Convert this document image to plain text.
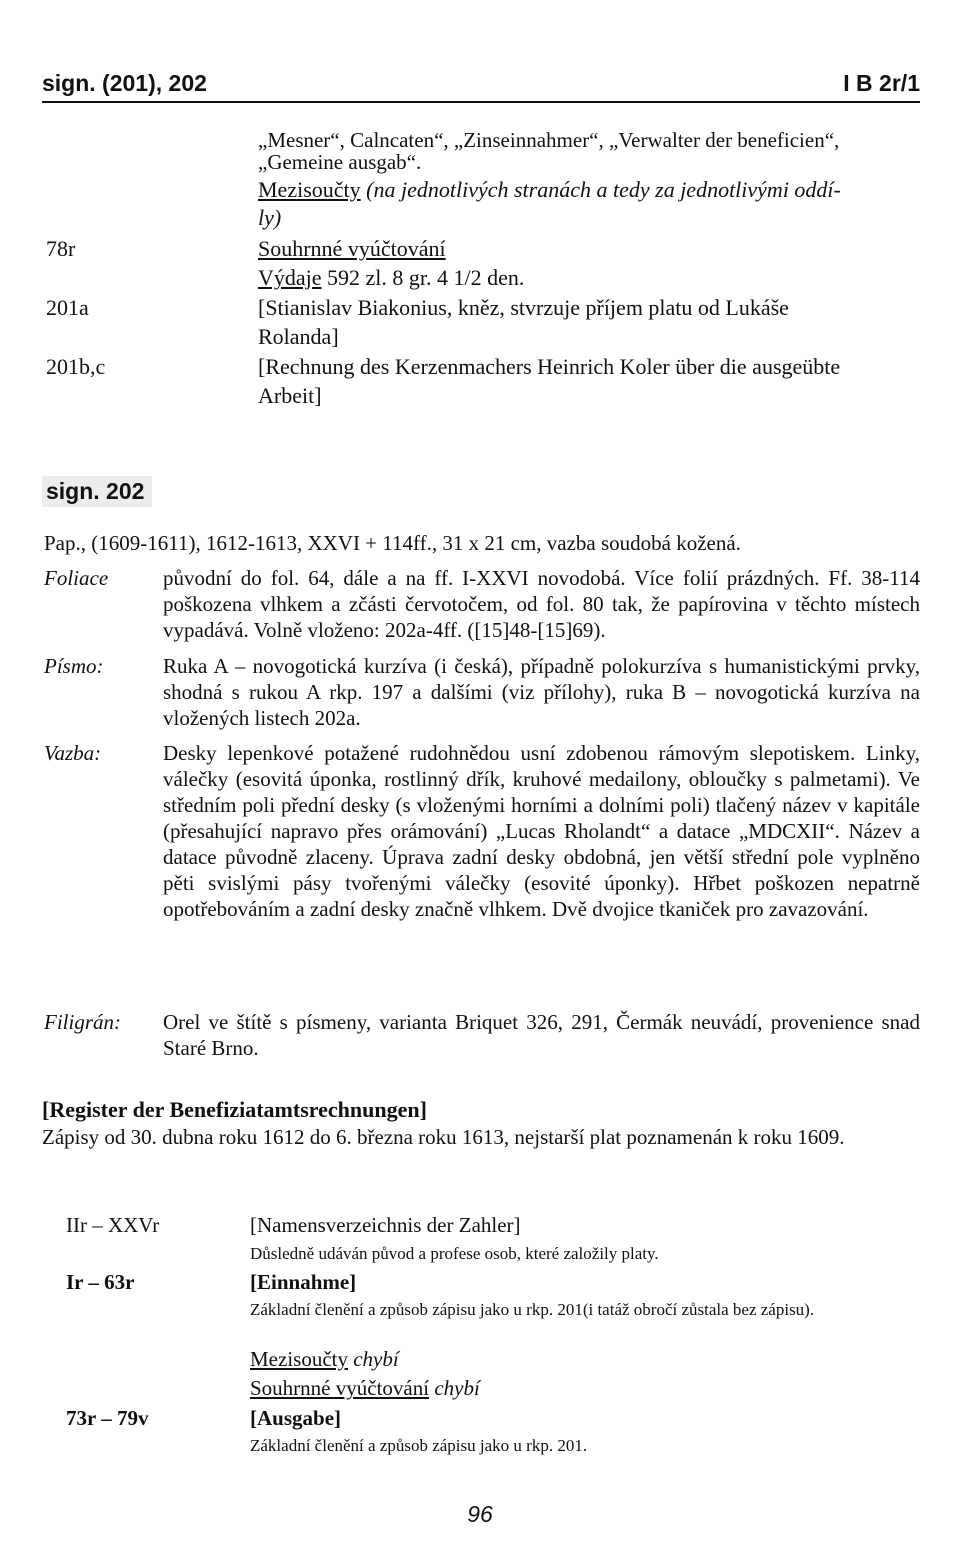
sign. (201), 202	I B 2r/1
„Mesner“, Calncaten“, „Zinseinnahmer“, „Verwalter der beneficien“,
„Gemeine ausgab“.
Mezisoučty (na jednotlivých stranách a tedy za jednotlivými oddí-
ly)
78r	Souhrnné vyúčtování
Výdaje 592 zl. 8 gr. 4 1/2 den.
201a	[Stianislav Biakonius, kněz, stvrzuje příjem platu od Lukáše
Rolanda]
201b,c	[Rechnung des Kerzenmachers Heinrich Koler über die ausgeübte
Arbeit]
sign. 202
Pap., (1609-1611), 1612-1613, XXVI + 114ff., 31 x 21 cm, vazba soudobá kožená.
Foliace	původní do fol. 64, dále a na ff. I-XXVI novodobá. Více folií prázdných. Ff. 38-114 poškozena vlhkem a zčásti červotočem, od fol. 80 tak, že papírovina v těchto místech vypadává. Volně vloženo: 202a-4ff. ([15]48-[15]69).
Písmo:	Ruka A – novogotická kurzíva (i česká), případně polokurzíva s humanistickými prvky, shodná s rukou A rkp. 197 a dalšími (viz přílohy), ruka B – novogotická kurzíva na vložených listech 202a.
Vazba:	Desky lepenkové potažené rudohnědou usní zdobenou rámovým slepotiskem. Linky, válečky (esovitá úponka, rostlinný dřík, kruhové medailony, obloučky s palmetami). Ve středním poli přední desky (s vloženými horními a dolními poli) tlačený název v kapitále (přesahující napravo přes orámování) „Lucas Rholandt“ a datace „MDCXII“. Název a datace původně zlaceny. Úprava zadní desky obdobná, jen větší střední pole vyplněno pěti svislými pásy tvořenými válečky (esovité úponky). Hřbet poškozen nepatrně opotřebováním a zadní desky značně vlhkem. Dvě dvojice tkaniček pro zavazování.
Filigrán: Orel ve štítě s písmeny, varianta Briquet 326, 291, Čermák neuvádí, provenience snad Staré Brno.
[Register der Benefiziatamtsrechnungen]
Zápisy od 30. dubna roku 1612 do 6. března roku 1613, nejstarší plat poznamenán k roku 1609.
IIr – XXVr	[Namensverzeichnis der Zahler]
Důsledně udáván původ a profese osob, které založily platy.
Ir – 63r	[Einnahme]
Základní členění a způsob zápisu jako u rkp. 201(i tatáž obročí zůstala bez zápisu).
Mezisoučty chybí
Souhrnné vyúčtování chybí
73r – 79v	[Ausgabe]
Základní členění a způsob zápisu jako u rkp. 201.
96
